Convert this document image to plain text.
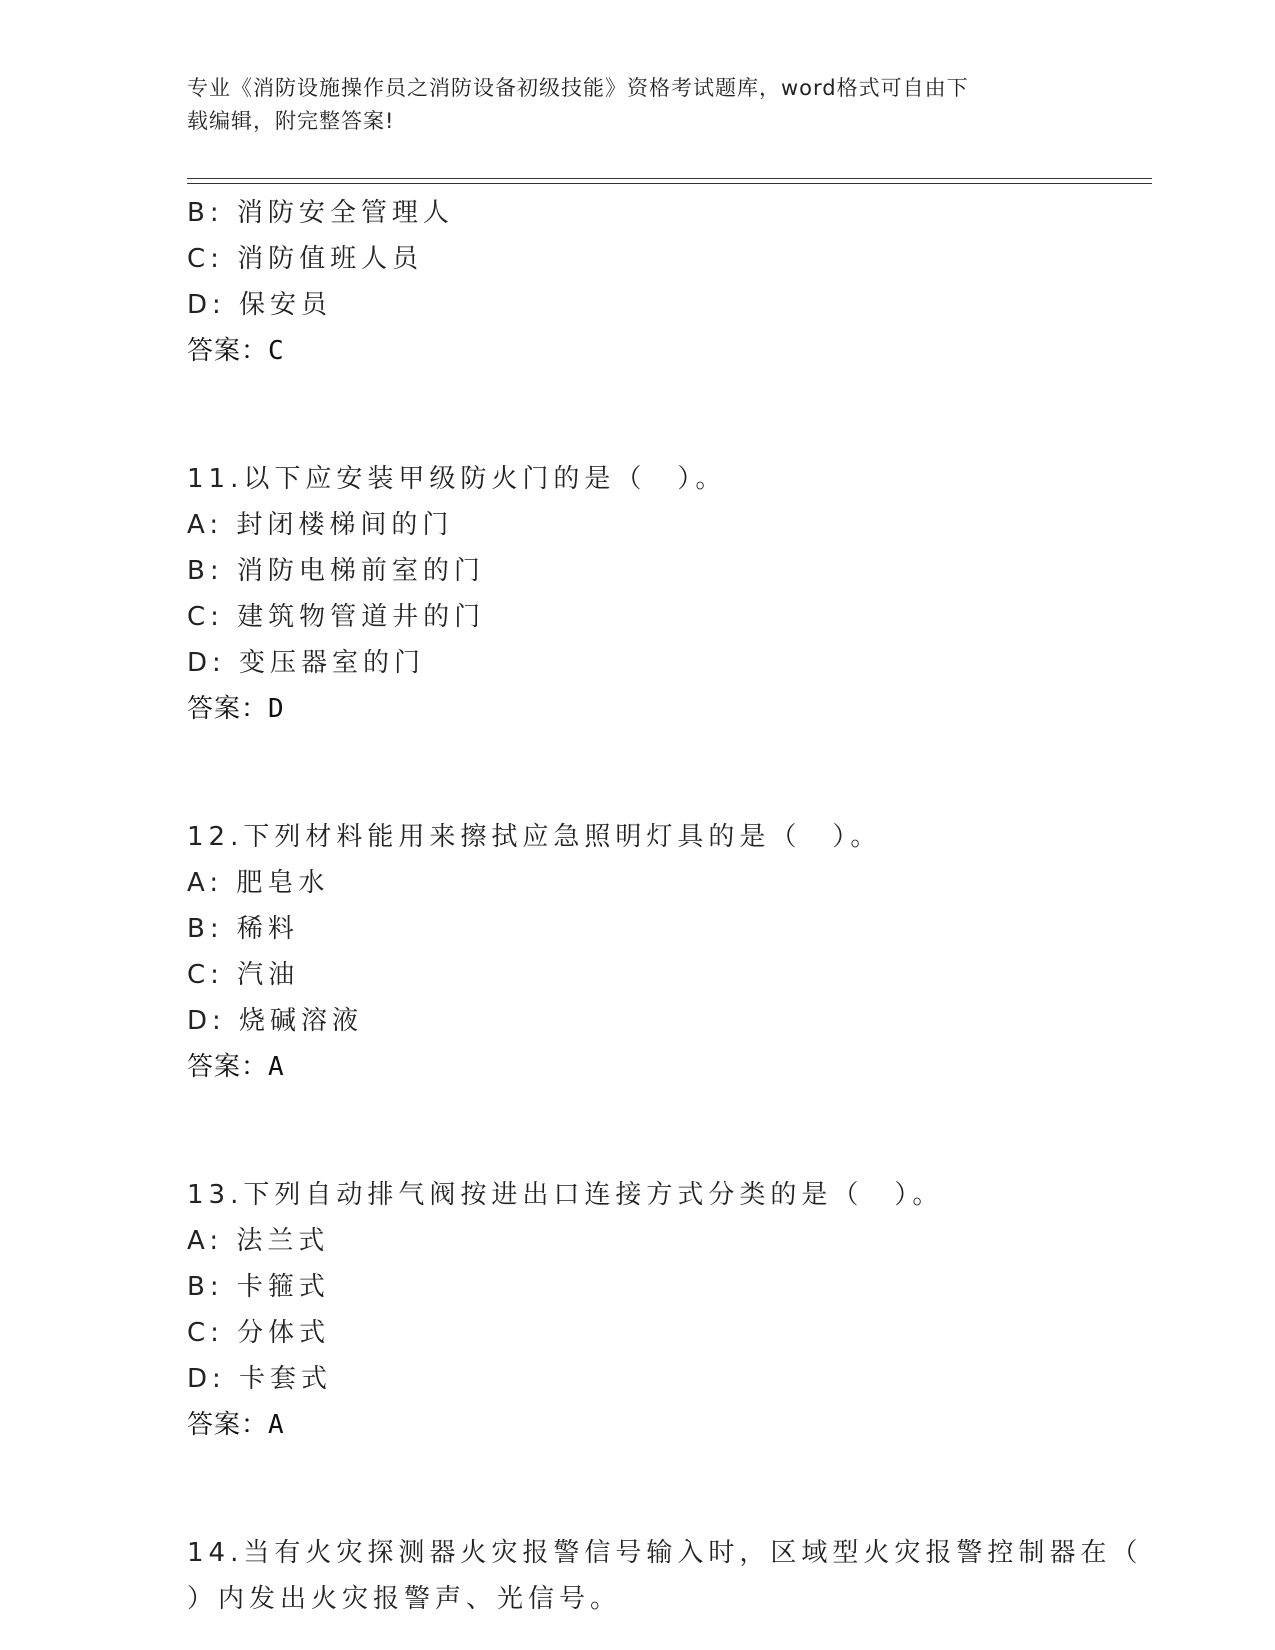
专业《消防设施操作员之消防设备初级技能》资格考试题库，word格式可自由下
载编辑，附完整答案!
B: 消防安全管理人
C: 消防值班人员
D: 保安员
答案：C
11.以下应安装甲级防火门的是（　）。
A: 封闭楼梯间的门
B: 消防电梯前室的门
C: 建筑物管道井的门
D: 变压器室的门
答案：D
12.下列材料能用来擦拭应急照明灯具的是（　）。
A: 肥皂水
B: 稀料
C: 汽油
D: 烧碱溶液
答案：A
13.下列自动排气阀按进出口连接方式分类的是（　）。
A: 法兰式
B: 卡箍式
C: 分体式
D: 卡套式
答案：A
14.当有火灾探测器火灾报警信号输入时，区域型火灾报警控制器在（
）内发出火灾报警声、光信号。
